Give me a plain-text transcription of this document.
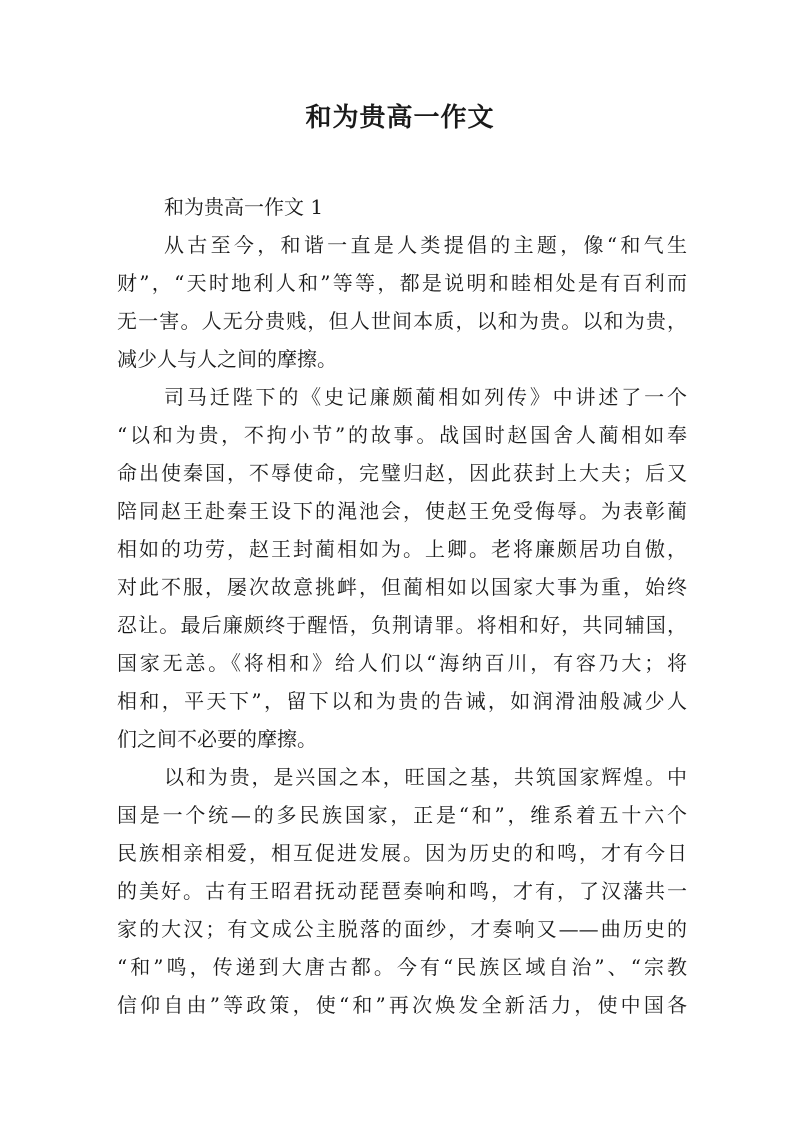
和为贵高一作文
和为贵高一作文 1
从古至今，和谐一直是人类提倡的主题，像“和气生
财”，“天时地利人和”等等，都是说明和睦相处是有百利而
无一害。人无分贵贱，但人世间本质，以和为贵。以和为贵，
减少人与人之间的摩擦。
司马迁陛下的《史记廉颇蔺相如列传》中讲述了一个
“以和为贵，不拘小节”的故事。战国时赵国舍人蔺相如奉
命出使秦国，不辱使命，完璧归赵，因此获封上大夫；后又
陪同赵王赴秦王设下的渑池会，使赵王免受侮辱。为表彰蔺
相如的功劳，赵王封蔺相如为。上卿。老将廉颇居功自傲，
对此不服，屡次故意挑衅，但蔺相如以国家大事为重，始终
忍让。最后廉颇终于醒悟，负荆请罪。将相和好，共同辅国，
国家无恙。《将相和》给人们以“海纳百川，有容乃大；将
相和，平天下”，留下以和为贵的告诫，如润滑油般减少人
们之间不必要的摩擦。
以和为贵，是兴国之本，旺国之基，共筑国家辉煌。中
国是一个统—的多民族国家，正是“和”，维系着五十六个
民族相亲相爱，相互促进发展。因为历史的和鸣，才有今日
的美好。古有王昭君抚动琵琶奏响和鸣，才有，了汉藩共一
家的大汉；有文成公主脱落的面纱，才奏响又——曲历史的
“和”鸣，传递到大唐古都。今有“民族区域自治”、“宗教
信仰自由”等政策，使“和”再次焕发全新活力，使中国各
